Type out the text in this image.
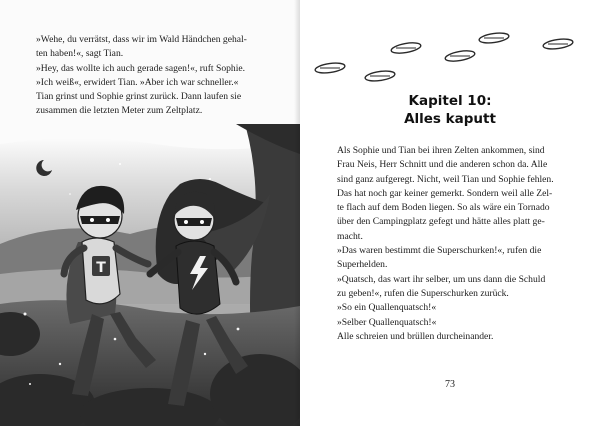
»Wehe, du verrätst, dass wir im Wald Händchen gehal-

ten haben!«, sagt Tian.

»Hey, das wollte ich auch gerade sagen!«, ruft Sophie.

»Ich weiß«, erwidert Tian. »Aber ich war schneller.«

Tian grinst und Sophie grinst zurück. Dann laufen sie

zusammen die letzten Meter zum Zeltplatz.

T
Kapitel 10:
Alles kaputt

Als Sophie und Tian bei ihren Zelten ankommen, sind

Frau Neis, Herr Schnitt und die anderen schon da. Alle

sind ganz aufgeregt. Nicht, weil Tian und Sophie fehlen.

Das hat noch gar keiner gemerkt. Sondern weil alle Zel-

te flach auf dem Boden liegen. So als wäre ein Tornado

über den Campingplatz gefegt und hätte alles platt ge-

macht.

»Das waren bestimmt die Superschurken!«, rufen die

Superhelden.

»Quatsch, das wart ihr selber, um uns dann die Schuld

zu geben!«, rufen die Superschurken zurück.

»So ein Quallenquatsch!«

»Selber Quallenquatsch!«

Alle schreien und brüllen durcheinander.

73
